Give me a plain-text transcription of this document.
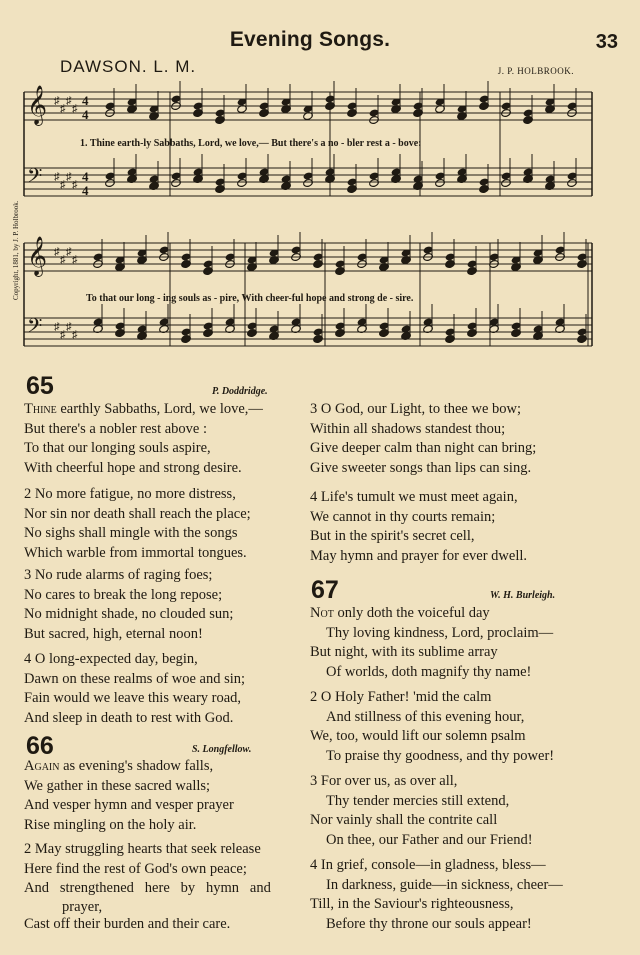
Evening Songs.	33
DAWSON. L. M.	J. P. HOLBROOK.
Copyright, 1881, by J. P. Holbrook.
𝄞 ♯
♯
♯
♯
𝄢 ♯
♯
♯
♯
𝄞 ♯
♯
♯
♯
𝄢 ♯
♯
♯
♯
4
4
4
4
1. Thine earth-ly Sabbaths, Lord, we love,— But there's a no - bler rest a - bove:
To that our long - ing souls as - pire, With cheer-ful hope and strong de - sire.
65	P. Doddridge.
Thine earthly Sabbaths, Lord, we love,—
But there's a nobler rest above :
To that our longing souls aspire,
With cheerful hope and strong desire.
2 No more fatigue, no more distress,
Nor sin nor death shall reach the place;
No sighs shall mingle with the songs
Which warble from immortal tongues.
3 No rude alarms of raging foes;
No cares to break the long repose;
No midnight shade, no clouded sun;
But sacred, high, eternal noon!
4 O long-expected day, begin,
Dawn on these realms of woe and sin;
Fain would we leave this weary road,
And sleep in death to rest with God.
3 O God, our Light, to thee we bow;
Within all shadows standest thou;
Give deeper calm than night can bring;
Give sweeter songs than lips can sing.
4 Life's tumult we must meet again,
We cannot in thy courts remain;
But in the spirit's secret cell,
May hymn and prayer for ever dwell.
66	S. Longfellow.
Again as evening's shadow falls,
We gather in these sacred walls;
And vesper hymn and vesper prayer
Rise mingling on the holy air.
2 May struggling hearts that seek release
Here find the rest of God's own peace;
And   strengthened   here   by   hymn   and
prayer,
Cast off their burden and their care.
67	W. H. Burleigh.
Not only doth the voiceful day
Thy loving kindness, Lord, proclaim—
But night, with its sublime array
Of worlds, doth magnify thy name!
2 O Holy Father! 'mid the calm
And stillness of this evening hour,
We, too, would lift our solemn psalm
To praise thy goodness, and thy power!
3 For over us, as over all,
Thy tender mercies still extend,
Nor vainly shall the contrite call
On thee, our Father and our Friend!
4 In grief, console—in gladness, bless—
In darkness, guide—in sickness, cheer—
Till, in the Saviour's righteousness,
Before thy throne our souls appear!
